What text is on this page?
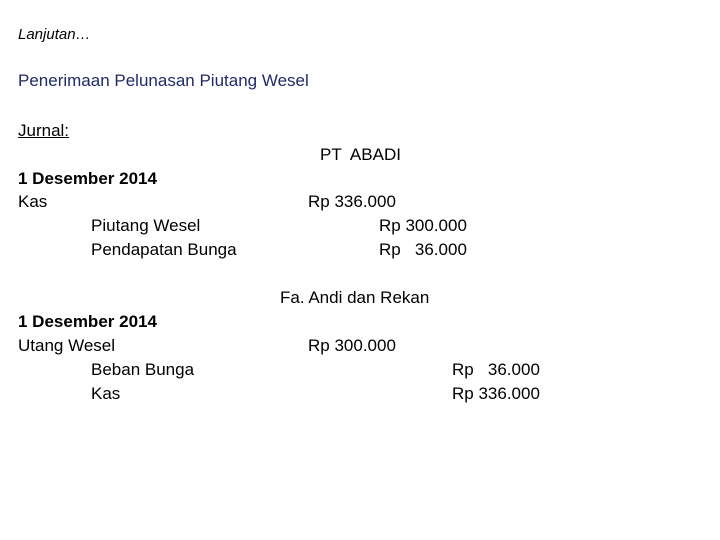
Lanjutan…
Penerimaan Pelunasan Piutang Wesel
Jurnal:
PT  ABADI
1 Desember 2014
Kas	Rp 336.000
Piutang Wesel	Rp 300.000
Pendapatan Bunga	Rp   36.000
Fa. Andi dan Rekan
1 Desember 2014
Utang Wesel	Rp 300.000
Beban Bunga	Rp   36.000
Kas	Rp 336.000
